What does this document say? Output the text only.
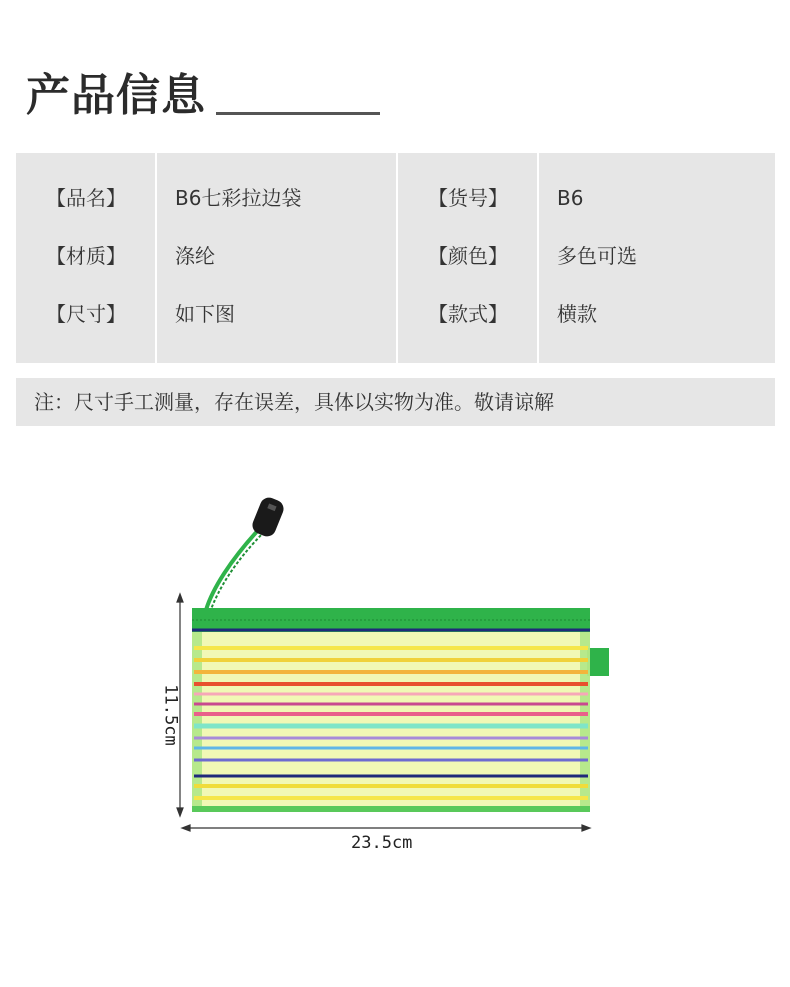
产品信息
【品名】
【材质】
【尺寸】
B6七彩拉边袋
涤纶
如下图
【货号】
【颜色】
【款式】
B6
多色可选
横款
注：尺寸手工测量，存在误差，具体以实物为准。敬请谅解
23.5cm
11.5cm
